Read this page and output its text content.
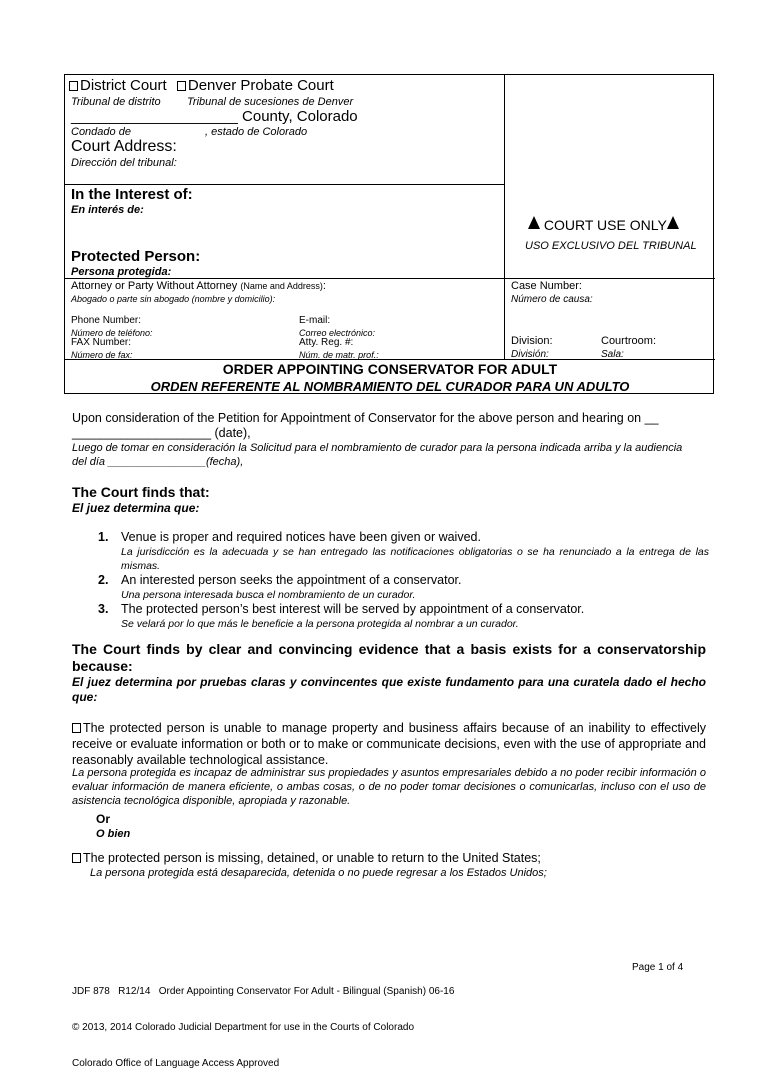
District Court Denver Probate Court
Tribunal de distrito Tribunal de sucesiones de Denver
____________________ County, Colorado
Condado de	, estado de Colorado
Court Address:
Dirección del tribunal:
In the Interest of:
En interés de:
Protected Person:
Persona protegida:
COURT USE ONLY
USO EXCLUSIVO DEL TRIBUNAL
Attorney or Party Without Attorney (Name and Address):
Abogado o parte sin abogado (nombre y domicilio):
Phone Number:
Número de teléfono:
E-mail:
Correo electrónico:
FAX Number:
Número de fax:
Atty. Reg. #:
Núm. de matr. prof.:
Case Number:
Número de causa:
Division:
División:
Courtroom:
Sala:
ORDER APPOINTING CONSERVATOR FOR ADULT
ORDEN REFERENTE AL NOMBRAMIENTO DEL CURADOR PARA UN ADULTO
Upon consideration of the Petition for Appointment of Conservator for the above person and hearing on __
____________________ (date),
Luego de tomar en consideración la Solicitud para el nombramiento de curador para la persona indicada arriba y la audiencia
del día ________________(fecha),
The Court finds that:
El juez determina que:
1. Venue is proper and required notices have been given or waived.
La jurisdicción es la adecuada y se han entregado las notificaciones obligatorias o se ha renunciado a la entrega de las mismas.
2. An interested person seeks the appointment of a conservator.
Una persona interesada busca el nombramiento de un curador.
3. The protected person’s best interest will be served by appointment of a conservator.
Se velará por lo que más le beneficie a la persona protegida al nombrar a un curador.
The Court finds by clear and convincing evidence that a basis exists for a conservatorship because:
El juez determina por pruebas claras y convincentes que existe fundamento para una curatela dado el hecho que:
The protected person is unable to manage property and business affairs because of an inability to effectively receive or evaluate information or both or to make or communicate decisions, even with the use of appropriate and reasonably available technological assistance.
La persona protegida es incapaz de administrar sus propiedades y asuntos empresariales debido a no poder recibir información o evaluar información de manera eficiente, o ambas cosas, o de no poder tomar decisiones o comunicarlas, incluso con el uso de asistencia tecnológica disponible, apropiada y razonable.
Or
O bien
The protected person is missing, detained, or unable to return to the United States;
La persona protegida está desaparecida, detenida o no puede regresar a los Estados Unidos;

JDF 878   R12/14   Order Appointing Conservator For Adult - Bilingual (Spanish) 06-16

© 2013, 2014 Colorado Judicial Department for use in the Courts of Colorado

Colorado Office of Language Access Approved

Page 1 of 4
